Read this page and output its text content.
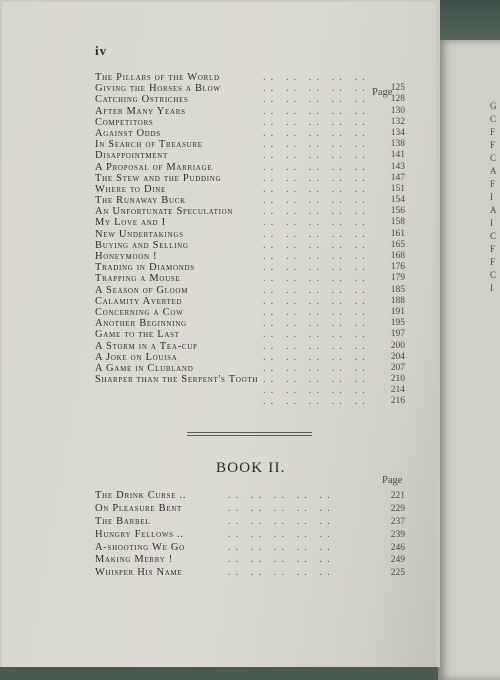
G C F F C A F I A I C F F C I
iv
Page
The Pillars of the World	.. .. .. .. ..
Giving the Horses a Blow	.. .. .. .. ..	125
Catching Ostriches	.. .. .. .. ..	128
After Many Years	.. .. .. .. ..	130
Competitors	.. .. .. .. ..	132
Against Odds	.. .. .. .. ..	134
In Search of Treasure	.. .. .. .. ..	138
Disappointment	.. .. .. .. ..	141
A Proposal of Marriage	.. .. .. .. ..	143
The Stew and the Pudding	.. .. .. .. ..	147
Where to Dine	.. .. .. .. ..	151
The Runaway Buck	.. .. .. .. ..	154
An Unfortunate Speculation	.. .. .. .. ..	156
My Love and I	.. .. .. .. ..	158
New Undertakings	.. .. .. .. ..	161
Buying and Selling	.. .. .. .. ..	165
Honeymoon !	.. .. .. .. ..	168
Trading in Diamonds	.. .. .. .. ..	176
Trapping a Mouse	.. .. .. .. ..	179
A Season of Gloom	.. .. .. .. ..	185
Calamity Averted	.. .. .. .. ..	188
Concerning a Cow	.. .. .. .. ..	191
Another Beginning	.. .. .. .. ..	195
Game to the Last	.. .. .. .. ..	197
A Storm in a Tea-cup	.. .. .. .. ..	200
A Joke on Louisa	.. .. .. .. ..	204
A Game in Clubland	.. .. .. .. ..	207
Sharper than the Serpent's Tooth .. .. .. .. ..	210
.. .. .. .. ..	214
.. .. .. .. ..	216
BOOK II.
Page
The Drink Curse ..	.. .. .. .. ..	221
On Pleasure Bent	.. .. .. .. ..	229
The Barbel	.. .. .. .. ..	237
Hungry Fellows ..	.. .. .. .. ..	239
A-shooting We Go	.. .. .. .. ..	246
Making Merry !	.. .. .. .. ..	249
Whisper His Name	.. .. .. .. ..	225
